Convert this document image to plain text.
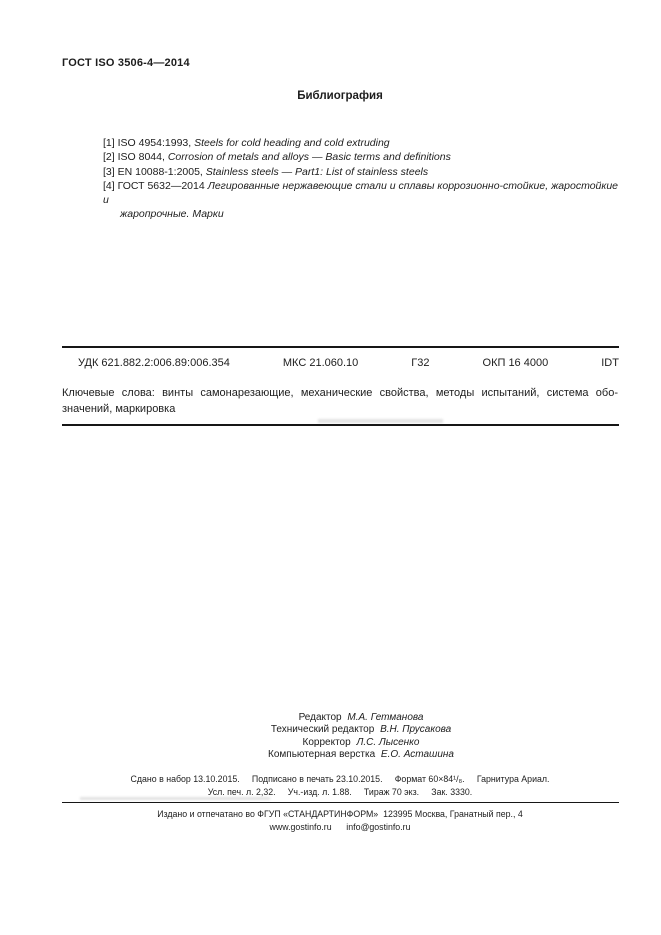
ГОСТ ISO 3506-4—2014
Библиография
[1] ISO 4954:1993, Steels for cold heading and cold extruding
[2] ISO 8044, Corrosion of metals and alloys — Basic terms and definitions
[3] EN 10088-1:2005, Stainless steels — Part1: List of stainless steels
[4] ГОСТ 5632—2014 Легированные нержавеющие стали и сплавы коррозионно-стойкие, жаростойкие и
жаропрочные. Марки
УДК 621.882.2:006.89:006.354	МКС 21.060.10	Г32	ОКП 16 4000	IDT
Ключевые слова: винты самонарезающие, механические свойства, методы испытаний, система обо-
значений, маркировка
Редактор М.А. Гетманова
Технический редактор В.Н. Прусакова
Корректор Л.С. Лысенко
Компьютерная верстка Е.О. Асташина
Сдано в набор 13.10.2015.     Подписано в печать 23.10.2015.     Формат 60×84¹/₈.     Гарнитура Ариал.
Усл. печ. л. 2,32.     Уч.-изд. л. 1.88.     Тираж 70 экз.     Зак. 3330.
Издано и отпечатано во ФГУП «СТАНДАРТИНФОРМ»  123995 Москва, Гранатный пер., 4
www.gostinfo.ru      info@gostinfo.ru
